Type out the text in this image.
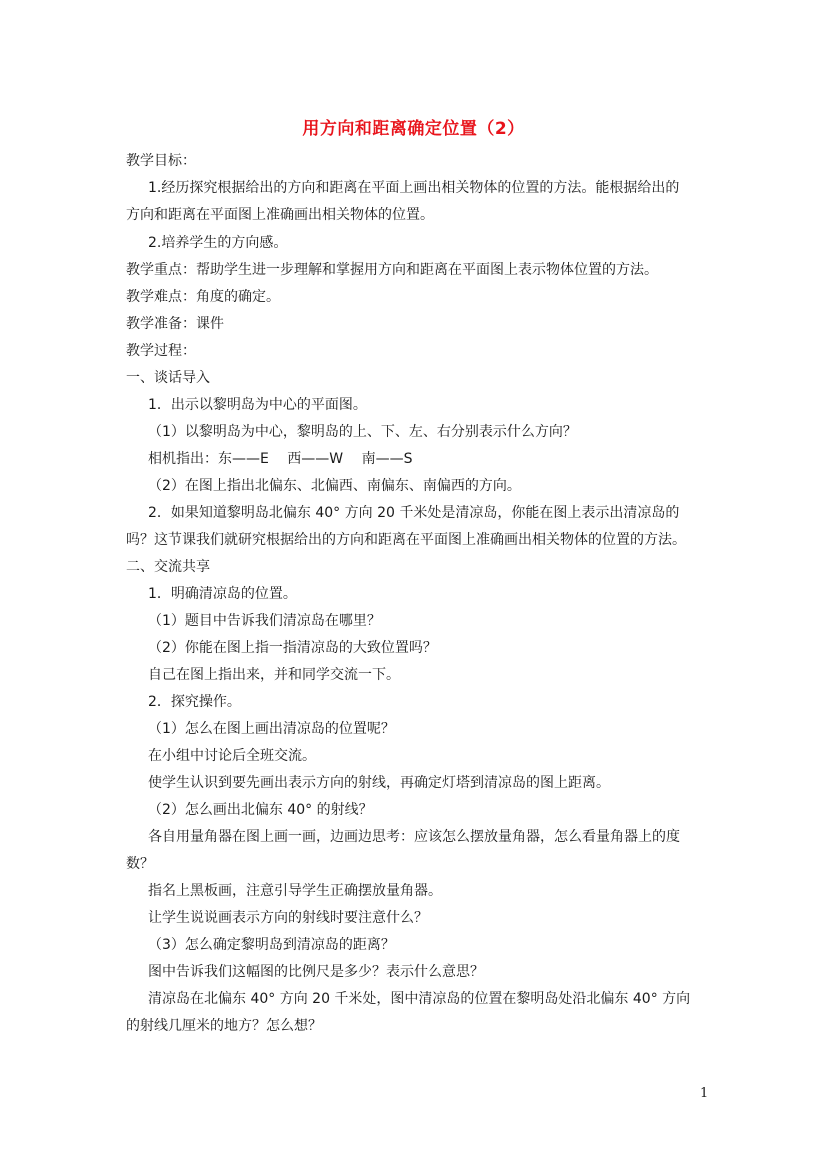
用方向和距离确定位置（2）
教学目标：
1.经历探究根据给出的方向和距离在平面上画出相关物体的位置的方法。能根据给出的
方向和距离在平面图上准确画出相关物体的位置。
2.培养学生的方向感。
教学重点：帮助学生进一步理解和掌握用方向和距离在平面图上表示物体位置的方法。
教学难点：角度的确定。
教学准备：课件
教学过程：
一、谈话导入
1．出示以黎明岛为中心的平面图。
（1）以黎明岛为中心，黎明岛的上、下、左、右分别表示什么方向？
相机指出：东——E　 西——W　 南——S
（2）在图上指出北偏东、北偏西、南偏东、南偏西的方向。
2．如果知道黎明岛北偏东 40° 方向 20 千米处是清凉岛，你能在图上表示出清凉岛的
吗？这节课我们就研究根据给出的方向和距离在平面图上准确画出相关物体的位置的方法。
二、交流共享
1．明确清凉岛的位置。
（1）题目中告诉我们清凉岛在哪里？
（2）你能在图上指一指清凉岛的大致位置吗？
自己在图上指出来，并和同学交流一下。
2．探究操作。
（1）怎么在图上画出清凉岛的位置呢？
在小组中讨论后全班交流。
使学生认识到要先画出表示方向的射线，再确定灯塔到清凉岛的图上距离。
（2）怎么画出北偏东 40° 的射线？
各自用量角器在图上画一画，边画边思考：应该怎么摆放量角器，怎么看量角器上的度
数？
指名上黑板画，注意引导学生正确摆放量角器。
让学生说说画表示方向的射线时要注意什么？
（3）怎么确定黎明岛到清凉岛的距离？
图中告诉我们这幅图的比例尺是多少？表示什么意思？
清凉岛在北偏东 40° 方向 20 千米处，图中清凉岛的位置在黎明岛处沿北偏东 40° 方向
的射线几厘米的地方？怎么想？
1
